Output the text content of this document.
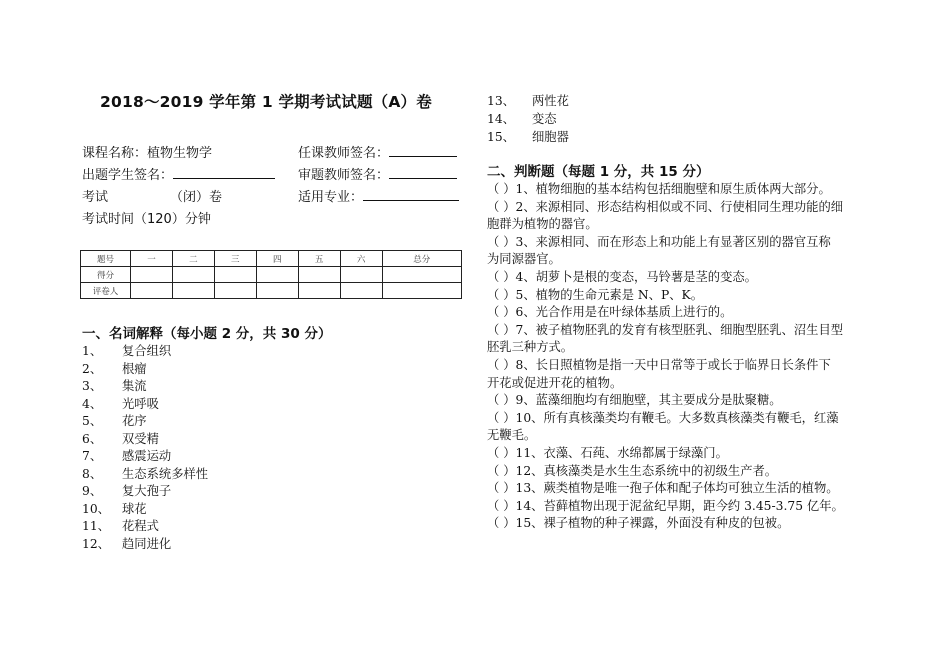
2018～2019 学年第 1 学期考试试题（A）卷
课程名称：植物生物学	任课教师签名：
出题学生签名：	审题教师签名：
考试	（闭）卷	适用专业：
考试时间（120）分钟
题号	一	二	三	四	五	六	总分
得分							
评卷人							
一、名词解释（每小题 2 分，共 30 分）
1、 复合组织
2、 根瘤
3、 集流
4、 光呼吸
5、 花序
6、 双受精
7、 感震运动
8、 生态系统多样性
9、 复大孢子
10、 球花
11、 花程式
12、 趋同进化
13、 两性花
14、 变态
15、 细胞器
二、判断题（每题 1 分，共 15 分）
（ ）1、植物细胞的基本结构包括细胞壁和原生质体两大部分。
（ ）2、来源相同、形态结构相似或不同、行使相同生理功能的细
胞群为植物的器官。
（ ）3、来源相同、而在形态上和功能上有显著区别的器官互称
为同源器官。
（ ）4、胡萝卜是根的变态，马铃薯是茎的变态。
（ ）5、植物的生命元素是 N、P、K。
（ ）6、光合作用是在叶绿体基质上进行的。
（ ）7、被子植物胚乳的发育有核型胚乳、细胞型胚乳、沼生目型
胚乳三种方式。
（ ）8、长日照植物是指一天中日常等于或长于临界日长条件下
开花或促进开花的植物。
（ ）9、蓝藻细胞均有细胞壁，其主要成分是肽聚糖。
（ ）10、所有真核藻类均有鞭毛。大多数真核藻类有鞭毛，红藻
无鞭毛。
（ ）11、衣藻、石莼、水绵都属于绿藻门。
（ ）12、真核藻类是水生生态系统中的初级生产者。
（ ）13、蕨类植物是唯一孢子体和配子体均可独立生活的植物。
（ ）14、苔藓植物出现于泥盆纪早期，距今约 3.45-3.75 亿年。
（ ）15、裸子植物的种子裸露，外面没有种皮的包被。
